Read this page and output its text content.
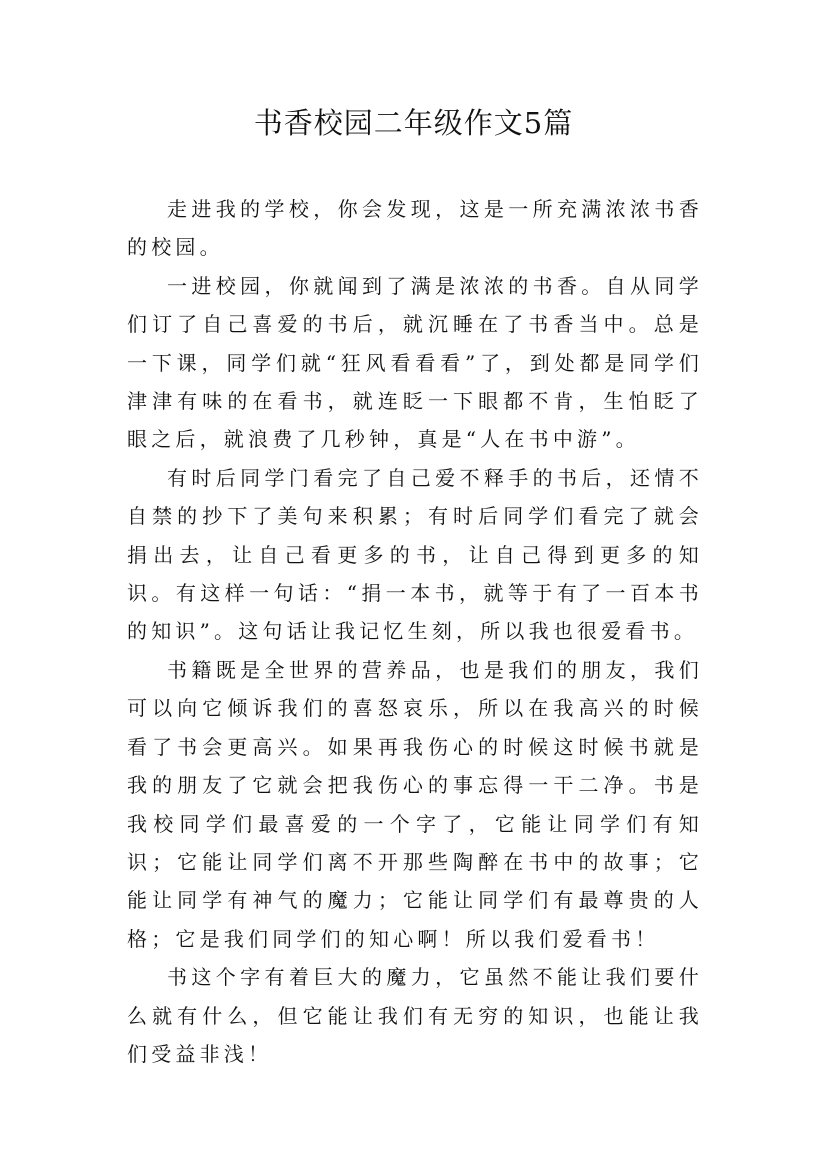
书香校园二年级作文5篇

走进我的学校，你会发现，这是一所充满浓浓书香的校园。

一进校园，你就闻到了满是浓浓的书香。自从同学们订了自己喜爱的书后，就沉睡在了书香当中。总是一下课，同学们就“狂风看看看”了，到处都是同学们津津有味的在看书，就连眨一下眼都不肯，生怕眨了眼之后，就浪费了几秒钟，真是“人在书中游”。

有时后同学门看完了自己爱不释手的书后，还情不自禁的抄下了美句来积累；有时后同学们看完了就会捐出去，让自己看更多的书，让自己得到更多的知识。有这样一句话：“捐一本书，就等于有了一百本书的知识”。这句话让我记忆生刻，所以我也很爱看书。

书籍既是全世界的营养品，也是我们的朋友，我们可以向它倾诉我们的喜怒哀乐，所以在我高兴的时候看了书会更高兴。如果再我伤心的时候这时候书就是我的朋友了它就会把我伤心的事忘得一干二净。书是我校同学们最喜爱的一个字了，它能让同学们有知识；它能让同学们离不开那些陶醉在书中的故事；它能让同学有神气的魔力；它能让同学们有最尊贵的人格；它是我们同学们的知心啊！所以我们爱看书！

书这个字有着巨大的魔力，它虽然不能让我们要什么就有什么，但它能让我们有无穷的知识，也能让我们受益非浅！
